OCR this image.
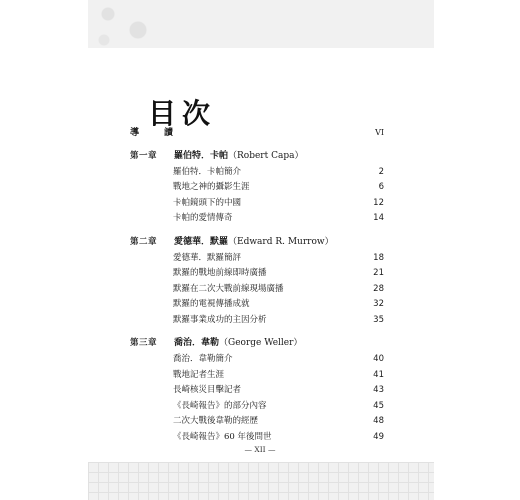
目次
導　讀	VI
第一章 羅伯特．卡帕（Robert Capa）
羅伯特．卡帕簡介	2
戰地之神的攝影生涯	6
卡帕鏡頭下的中國	12
卡帕的愛情傳奇	14
第二章 愛德華．默羅（Edward R. Murrow）
愛德華．默羅簡評	18
默羅的戰地前線即時廣播	21
默羅在二次大戰前線現場廣播	28
默羅的電視傳播成就	32
默羅事業成功的主因分析	35
第三章 喬治．韋勒（George Weller）
喬治．韋勒簡介	40
戰地記者生涯	41
長崎核災目擊記者	43
《長崎報告》的部分內容	45
二次大戰後韋勒的經歷	48
《長崎報告》60 年後問世	49
— XII —
